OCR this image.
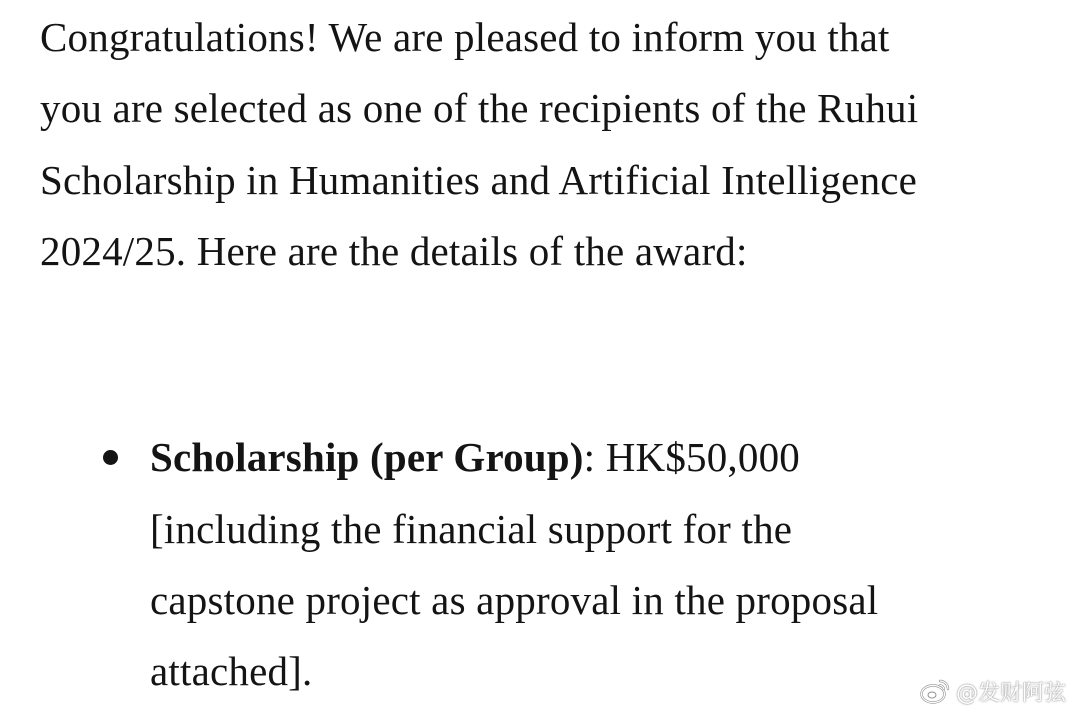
Congratulations! We are pleased to inform you that

you are selected as one of the recipients of the Ruhui

Scholarship in Humanities and Artificial Intelligence

2024/25. Here are the details of the award:

Scholarship (per Group): HK$50,000

[including the financial support for the

capstone project as approval in the proposal

attached].	@发财阿弦
